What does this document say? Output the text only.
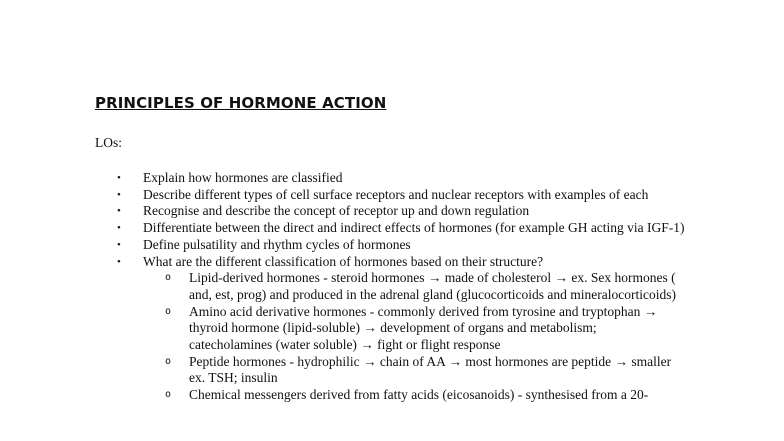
PRINCIPLES OF HORMONE ACTION
LOs:
• Explain how hormones are classified
• Describe different types of cell surface receptors and nuclear receptors with examples of each
• Recognise and describe the concept of receptor up and down regulation
• Differentiate between the direct and indirect effects of hormones (for example GH acting via IGF-1)
• Define pulsatility and rhythm cycles of hormones
• What are the different classification of hormones based on their structure?
o Lipid-derived hormones - steroid hormones → made of cholesterol → ex. Sex hormones ( and, est, prog) and produced in the adrenal gland (glucocorticoids and mineralocorticoids)
o Amino acid derivative hormones - commonly derived from tyrosine and tryptophan → thyroid hormone (lipid-soluble) → development of organs and metabolism; catecholamines (water soluble) → fight or flight response
o Peptide hormones - hydrophilic → chain of AA → most hormones are peptide → smaller ex. TSH; insulin
o Chemical messengers derived from fatty acids (eicosanoids) - synthesised from a 20-
